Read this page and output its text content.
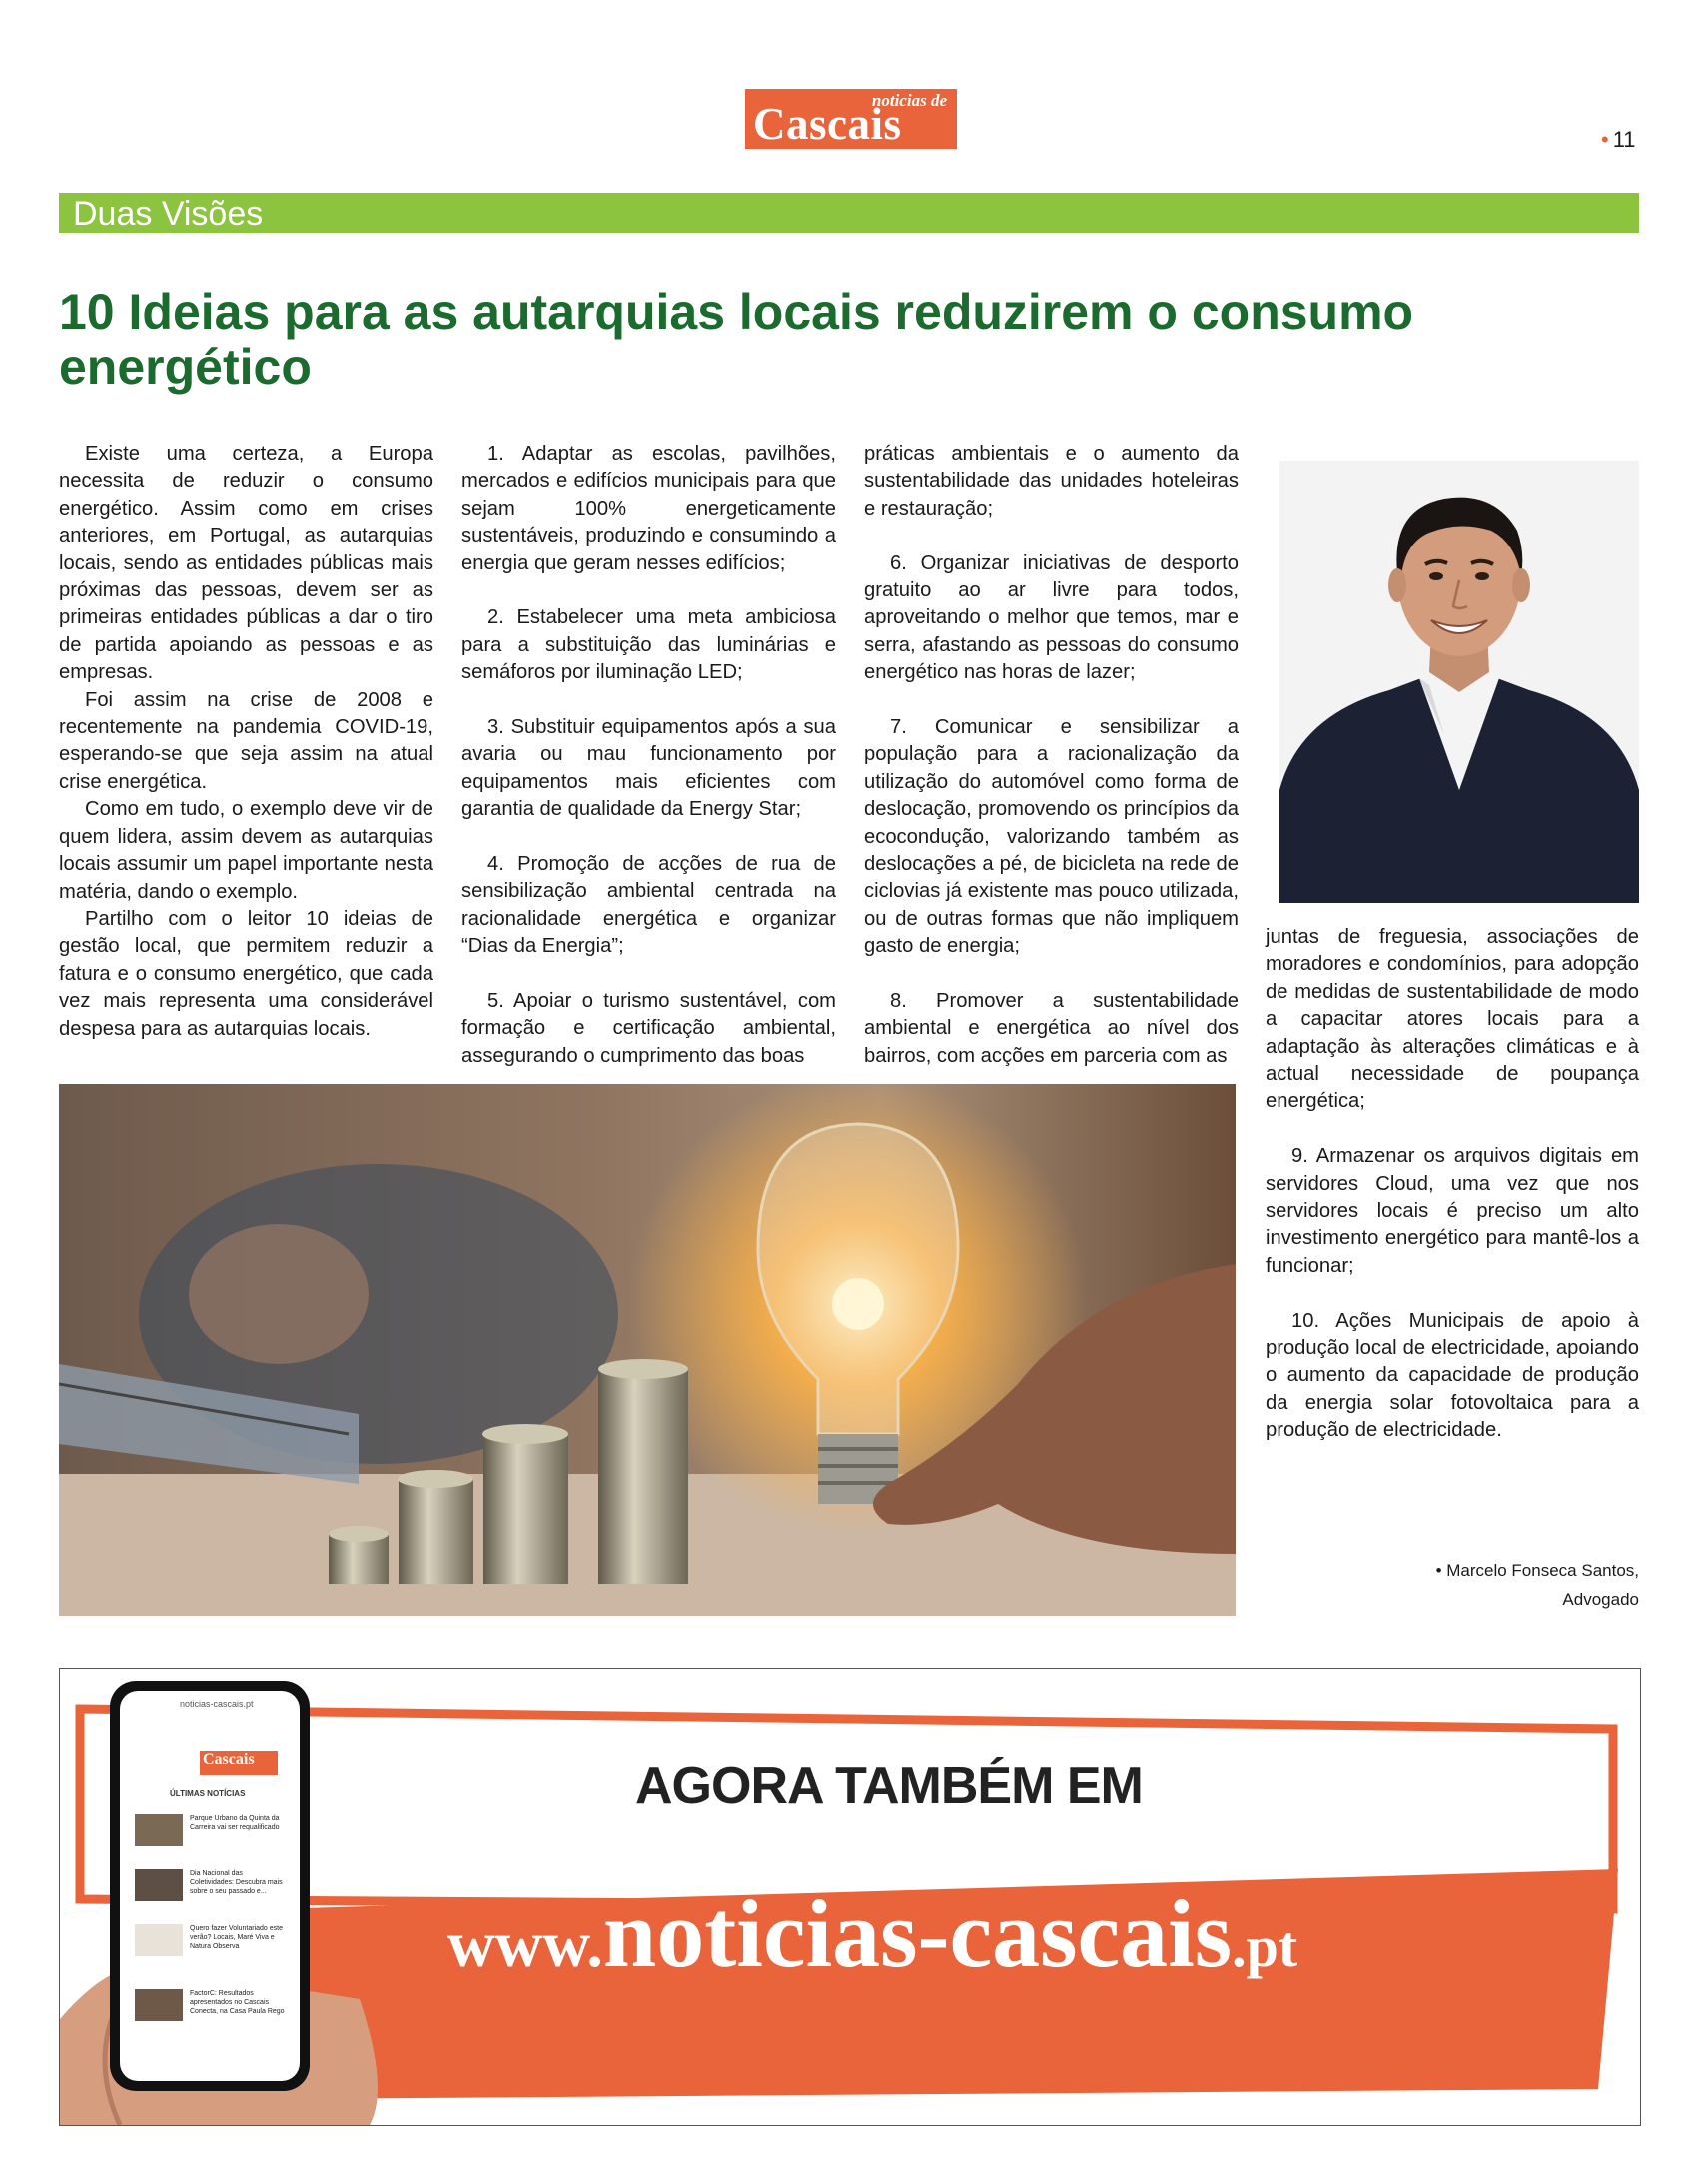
noticias de
Cascais	• 11
Duas Visões
10 Ideias para as autarquias locais reduzirem o consumo energético

Existe uma certeza, a Europa necessita de reduzir o consumo energético. Assim como em crises anteriores, em Portugal, as autarquias locais, sendo as entidades públicas mais próximas das pessoas, devem ser as primeiras entidades públicas a dar o tiro de partida apoiando as pessoas e as empresas.

Foi assim na crise de 2008 e recentemente na pandemia COVID-19, esperando-se que seja assim na atual crise energética.

Como em tudo, o exemplo deve vir de quem lidera, assim devem as autarquias locais assumir um papel importante nesta matéria, dando o exemplo.

Partilho com o leitor 10 ideias de gestão local, que permitem reduzir a fatura e o consumo energético, que cada vez mais representa uma considerável despesa para as autarquias locais.

1. Adaptar as escolas, pavilhões, mercados e edifícios municipais para que sejam 100% energeticamente sustentáveis, produzindo e consumindo a energia que geram nesses edifícios;

2. Estabelecer uma meta ambiciosa para a substituição das luminárias e semáforos por iluminação LED;

3. Substituir equipamentos após a sua avaria ou mau funcionamento por equipamentos mais eficientes com garantia de qualidade da Energy Star;

4. Promoção de acções de rua de sensibilização ambiental centrada na racionalidade energética e organizar “Dias da Energia”;

5. Apoiar o turismo sustentável, com formação e certificação ambiental, assegurando o cumprimento das boas

práticas ambientais e o aumento da sustentabilidade das unidades hoteleiras e restauração;

6. Organizar iniciativas de desporto gratuito ao ar livre para todos, aproveitando o melhor que temos, mar e serra, afastando as pessoas do consumo energético nas horas de lazer;

7. Comunicar e sensibilizar a população para a racionalização da utilização do automóvel como forma de deslocação, promovendo os princípios da ecocondução, valorizando também as deslocações a pé, de bicicleta na rede de ciclovias já existente mas pouco utilizada, ou de outras formas que não impliquem gasto de energia;

8. Promover a sustentabilidade ambiental e energética ao nível dos bairros, com acções em parceria com as

juntas de freguesia, associações de moradores e condomínios, para adopção de medidas de sustentabilidade de modo a capacitar atores locais para a adaptação às alterações climáticas e à actual necessidade de poupança energética;

9. Armazenar os arquivos digitais em servidores Cloud, uma vez que nos servidores locais é preciso um alto investimento energético para mantê-los a funcionar;

10. Ações Municipais de apoio à produção local de electricidade, apoiando o aumento da capacidade de produção da energia solar fotovoltaica para a produção de electricidade.

• Marcelo Fonseca Santos,
Advogado
noticias-cascais.pt
Cascais
ÚLTIMAS NOTÍCIAS
Parque Urbano da Quinta da Carreira vai ser requalificado
Dia Nacional das Coletividades: Descubra mais sobre o seu passado e...
Quero fazer Voluntariado este verão? Locais, Maré Viva e Natura Observa
FactorC: Resultados apresentados no Cascais Conecta, na Casa Paula Rego
AGORA TAMBÉM EM
www.noticias-cascais.pt
